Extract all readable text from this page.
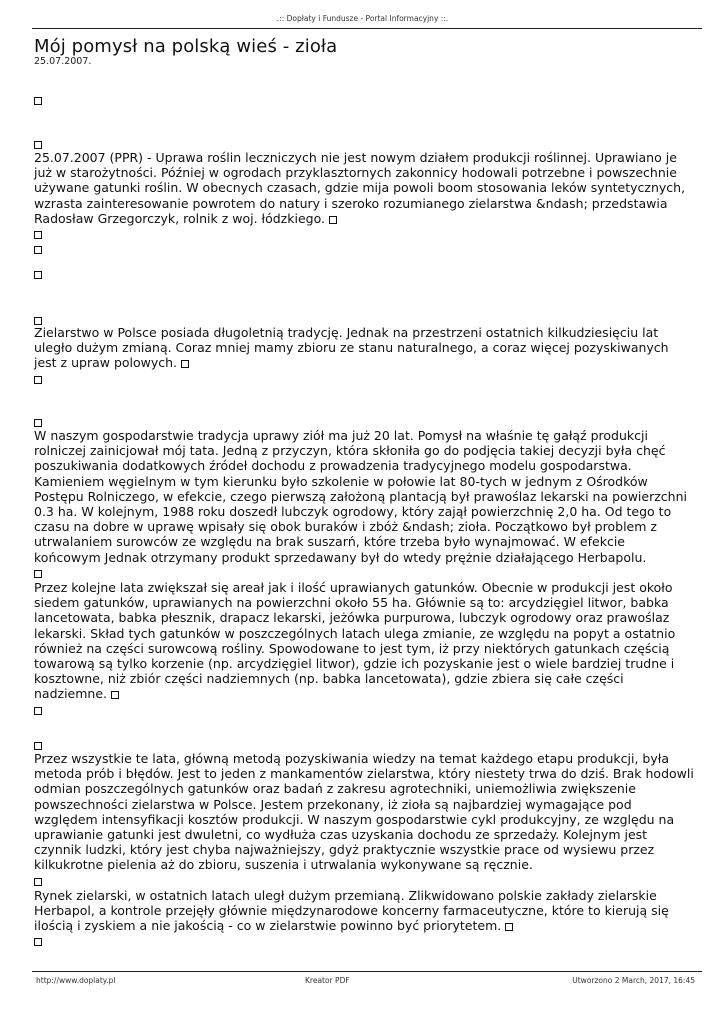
.:: Dopłaty i Fundusze - Portal Informacyjny ::.
Mój pomysł na polską wieś - zioła
25.07.2007.
25.07.2007 (PPR) - Uprawa roślin leczniczych nie jest nowym działem produkcji roślinnej. Uprawiano je już w starożytności. Później w ogrodach przyklasztornych zakonnicy hodowali potrzebne i powszechnie używane gatunki roślin. W obecnych czasach, gdzie mija powoli boom stosowania leków syntetycznych, wzrasta zainteresowanie powrotem do natury i szeroko rozumianego zielarstwa &ndash; przedstawia Radosław Grzegorczyk, rolnik z woj. łódzkiego.
Zielarstwo w Polsce posiada długoletnią tradycję. Jednak na przestrzeni ostatnich kilkudziesięciu lat uległo dużym zmianą. Coraz mniej mamy zbioru ze stanu naturalnego, a coraz więcej pozyskiwanych jest z upraw polowych.
W naszym gospodarstwie tradycja uprawy ziół ma już 20 lat. Pomysł na właśnie tę gałąź produkcji rolniczej zainicjował mój tata. Jedną z przyczyn, która skłoniła go do podjęcia takiej decyzji była chęć poszukiwania dodatkowych źródeł dochodu z prowadzenia tradycyjnego modelu gospodarstwa. Kamieniem węgielnym w tym kierunku było szkolenie w połowie lat 80-tych w jednym z Ośrodków Postępu Rolniczego, w efekcie, czego pierwszą założoną plantacją był prawoślaz lekarski na powierzchni 0.3 ha. W kolejnym, 1988 roku doszedł lubczyk ogrodowy, który zajął powierzchnię 2,0 ha. Od tego to czasu na dobre w uprawę wpisały się obok buraków i zbóż &ndash; zioła. Początkowo był problem z utrwalaniem surowców ze względu na brak suszarń, które trzeba było wynajmować. W efekcie końcowym Jednak otrzymany produkt sprzedawany był do wtedy prężnie działającego Herbapolu.
Przez kolejne lata zwiększał się areał jak i ilość uprawianych gatunków. Obecnie w produkcji jest około siedem gatunków, uprawianych na powierzchni około 55 ha. Głównie są to: arcydzięgiel litwor, babka lancetowata, babka płesznik, drapacz lekarski, jeżówka purpurowa, lubczyk ogrodowy oraz prawoślaz lekarski. Skład tych gatunków w poszczególnych latach ulega zmianie, ze względu na popyt a ostatnio również na części surowcową rośliny. Spowodowane to jest tym, iż przy niektórych gatunkach częścią towarową są tylko korzenie (np. arcydzięgiel litwor), gdzie ich pozyskanie jest o wiele bardziej trudne i kosztowne, niż zbiór części nadziemnych (np. babka lancetowata), gdzie zbiera się całe części nadziemne.
Przez wszystkie te lata, główną metodą pozyskiwania wiedzy na temat każdego etapu produkcji, była metoda prób i błędów. Jest to jeden z mankamentów zielarstwa, który niestety trwa do dziś. Brak hodowli odmian poszczególnych gatunków oraz badań z zakresu agrotechniki, uniemożliwia zwiększenie powszechności zielarstwa w Polsce. Jestem przekonany, iż zioła są najbardziej wymagające pod względem intensyfikacji kosztów produkcji. W naszym gospodarstwie cykl produkcyjny, ze względu na uprawianie gatunki jest dwuletni, co wydłuża czas uzyskania dochodu ze sprzedaży. Kolejnym jest czynnik ludzki, który jest chyba najważniejszy, gdyż praktycznie wszystkie prace od wysiewu przez kilkukrotne pielenia aż do zbioru, suszenia i utrwalania wykonywane są ręcznie.
Rynek zielarski, w ostatnich latach uległ dużym przemianą. Zlikwidowano polskie zakłady zielarskie Herbapol, a kontrole przejęły głównie międzynarodowe koncerny farmaceutyczne, które to kierują się ilością i zyskiem a nie jakością - co w zielarstwie powinno być priorytetem.
http://www.doplaty.pl	Kreator PDF	Utworzono 2 March, 2017, 16:45
